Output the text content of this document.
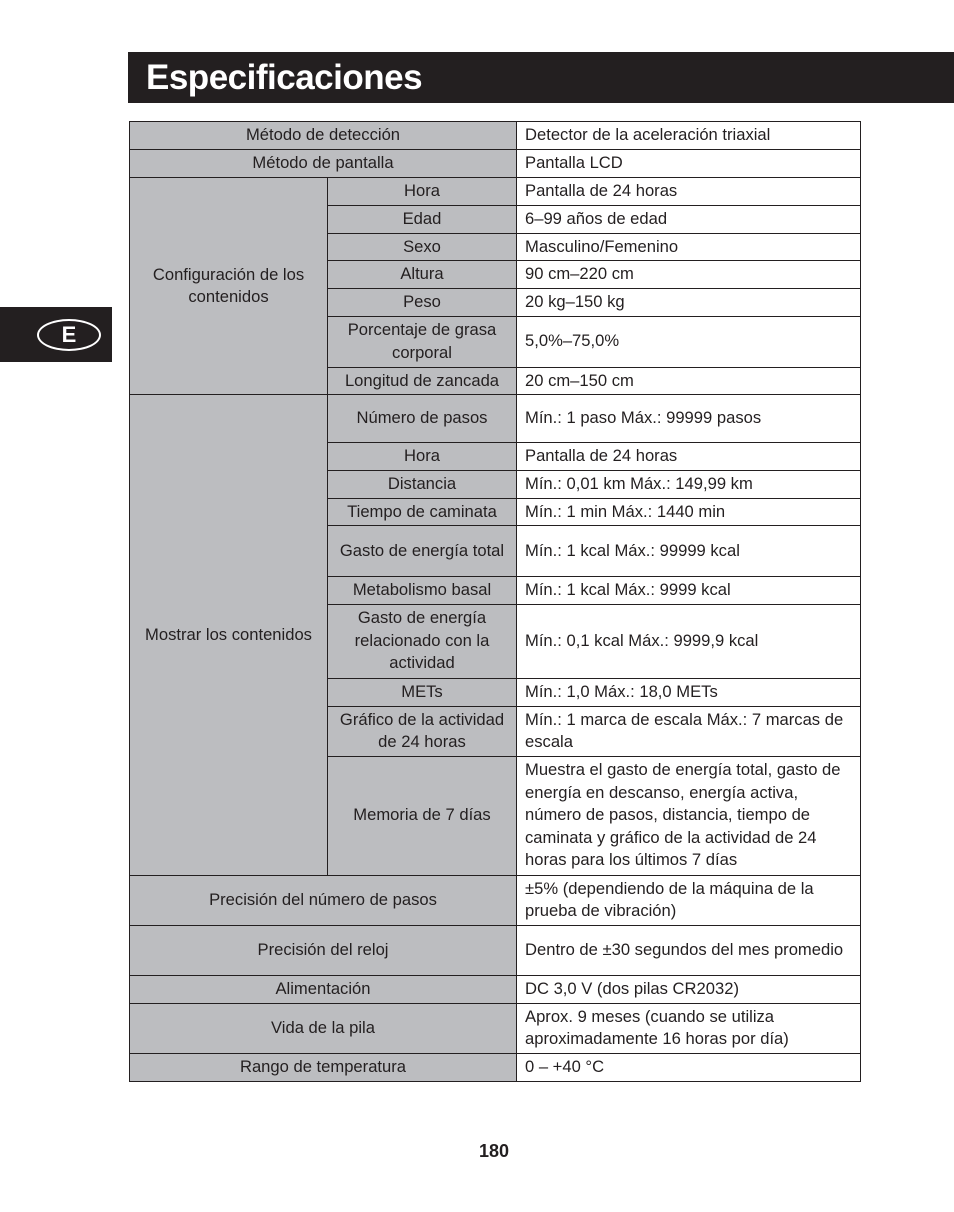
Especificaciones
E
Método de detección		Detector de la aceleración triaxial
Método de pantalla		Pantalla LCD
Configuración de los contenidos	Hora	Pantalla de 24 horas
	Edad	6–99 años de edad
	Sexo	Masculino/Femenino
	Altura	90 cm–220 cm
	Peso	20 kg–150 kg
	Porcentaje de grasa corporal	5,0%–75,0%
	Longitud de zancada	20 cm–150 cm
Mostrar los contenidos	Número de pasos	Mín.: 1 paso Máx.: 99999 pasos
	Hora	Pantalla de 24 horas
	Distancia	Mín.: 0,01 km Máx.: 149,99 km
	Tiempo de caminata	Mín.: 1 min Máx.: 1440 min
	Gasto de energía total	Mín.: 1 kcal Máx.: 99999 kcal
	Metabolismo basal	Mín.: 1 kcal Máx.: 9999 kcal
	Gasto de energía relacionado con la actividad	Mín.: 0,1 kcal Máx.: 9999,9 kcal
	METs	Mín.: 1,0 Máx.: 18,0 METs
	Gráfico de la actividad de 24 horas	Mín.: 1 marca de escala Máx.: 7 marcas de escala
	Memoria de 7 días	Muestra el gasto de energía total, gasto de energía en descanso, energía activa, número de pasos, distancia, tiempo de caminata y gráfico de la actividad de 24 horas para los últimos 7 días
Precisión del número de pasos		±5% (dependiendo de la máquina de la prueba de vibración)
Precisión del reloj		Dentro de ±30 segundos del mes promedio
Alimentación		DC 3,0 V (dos pilas CR2032)
Vida de la pila		Aprox. 9 meses (cuando se utiliza aproximadamente 16 horas por día)
Rango de temperatura		0 – +40 °C
180
